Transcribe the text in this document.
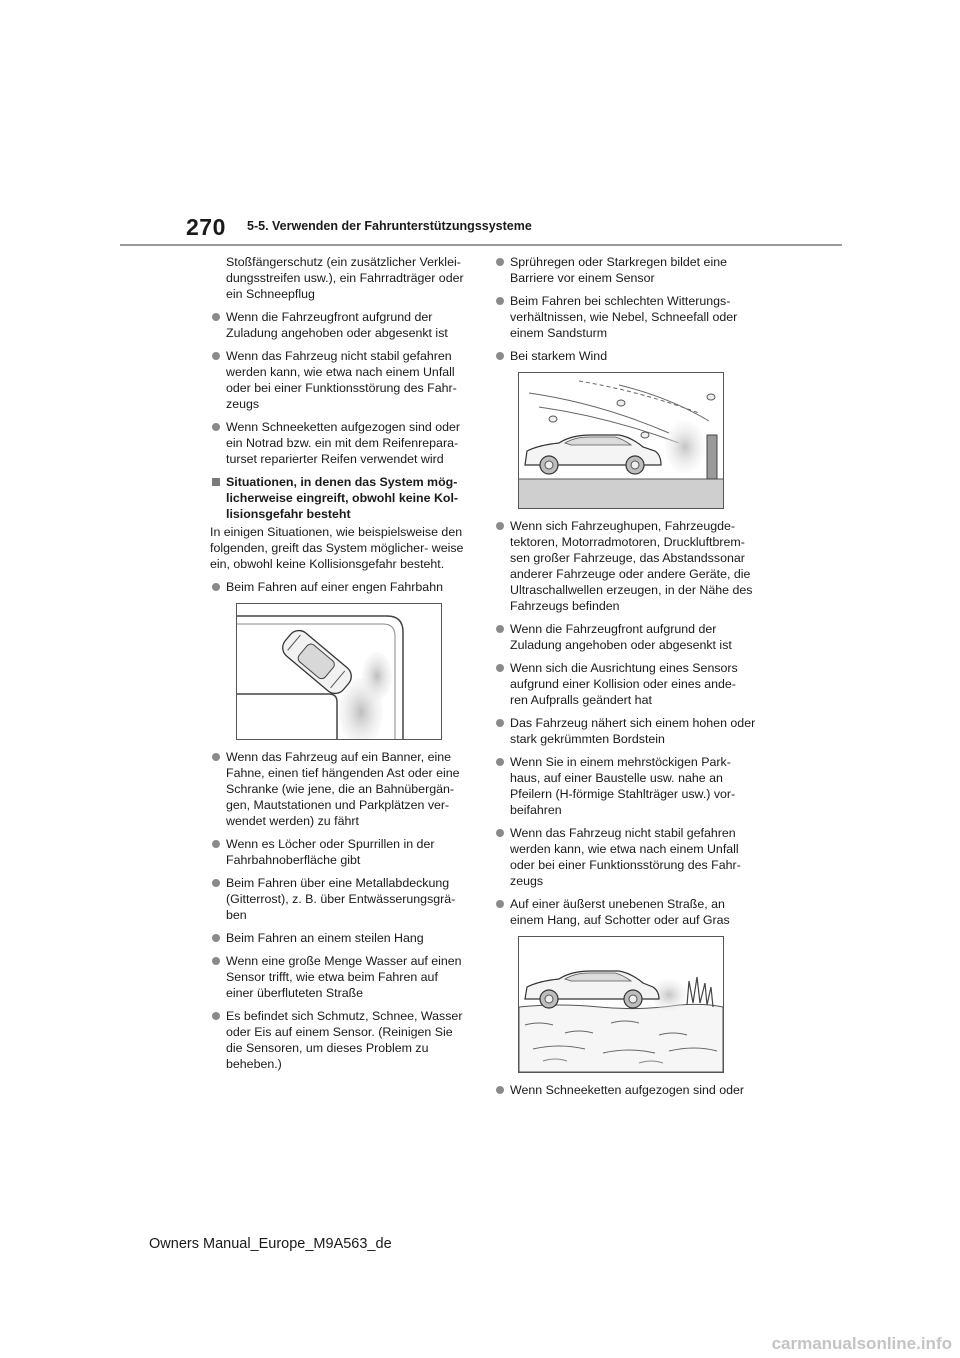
270 5-5. Verwenden der Fahrunterstützungssysteme
Stoßfängerschutz (ein zusätzlicher Verklei- dungsstreifen usw.), ein Fahrradträger oder ein Schneepflug
Wenn die Fahrzeugfront aufgrund der Zuladung angehoben oder abgesenkt ist
Wenn das Fahrzeug nicht stabil gefahren werden kann, wie etwa nach einem Unfall oder bei einer Funktionsstörung des Fahr- zeugs
Wenn Schneeketten aufgezogen sind oder ein Notrad bzw. ein mit dem Reifenrepara- turset reparierter Reifen verwendet wird
Situationen, in denen das System mög- licherweise eingreift, obwohl keine Kol- lisionsgefahr besteht
In einigen Situationen, wie beispielsweise den folgenden, greift das System möglicher- weise ein, obwohl keine Kollisionsgefahr besteht.
Beim Fahren auf einer engen Fahrbahn
Wenn das Fahrzeug auf ein Banner, eine Fahne, einen tief hängenden Ast oder eine Schranke (wie jene, die an Bahnübergän- gen, Mautstationen und Parkplätzen ver- wendet werden) zu fährt
Wenn es Löcher oder Spurrillen in der Fahrbahnoberfläche gibt
Beim Fahren über eine Metallabdeckung (Gitterrost), z. B. über Entwässerungsgrä- ben
Beim Fahren an einem steilen Hang
Wenn eine große Menge Wasser auf einen Sensor trifft, wie etwa beim Fahren auf einer überfluteten Straße
Es befindet sich Schmutz, Schnee, Wasser oder Eis auf einem Sensor. (Reinigen Sie die Sensoren, um dieses Problem zu beheben.)
Sprühregen oder Starkregen bildet eine Barriere vor einem Sensor
Beim Fahren bei schlechten Witterungs- verhältnissen, wie Nebel, Schneefall oder einem Sandsturm
Bei starkem Wind
Wenn sich Fahrzeughupen, Fahrzeugde- tektoren, Motorradmotoren, Druckluftbrem- sen großer Fahrzeuge, das Abstandssonar anderer Fahrzeuge oder andere Geräte, die Ultraschallwellen erzeugen, in der Nähe des Fahrzeugs befinden
Wenn die Fahrzeugfront aufgrund der Zuladung angehoben oder abgesenkt ist
Wenn sich die Ausrichtung eines Sensors aufgrund einer Kollision oder eines ande- ren Aufpralls geändert hat
Das Fahrzeug nähert sich einem hohen oder stark gekrümmten Bordstein
Wenn Sie in einem mehrstöckigen Park- haus, auf einer Baustelle usw. nahe an Pfeilern (H-förmige Stahlträger usw.) vor- beifahren
Wenn das Fahrzeug nicht stabil gefahren werden kann, wie etwa nach einem Unfall oder bei einer Funktionsstörung des Fahr- zeugs
Auf einer äußerst unebenen Straße, an einem Hang, auf Schotter oder auf Gras
Wenn Schneeketten aufgezogen sind oder
Owners Manual_Europe_M9A563_de
carmanualsonline.info
